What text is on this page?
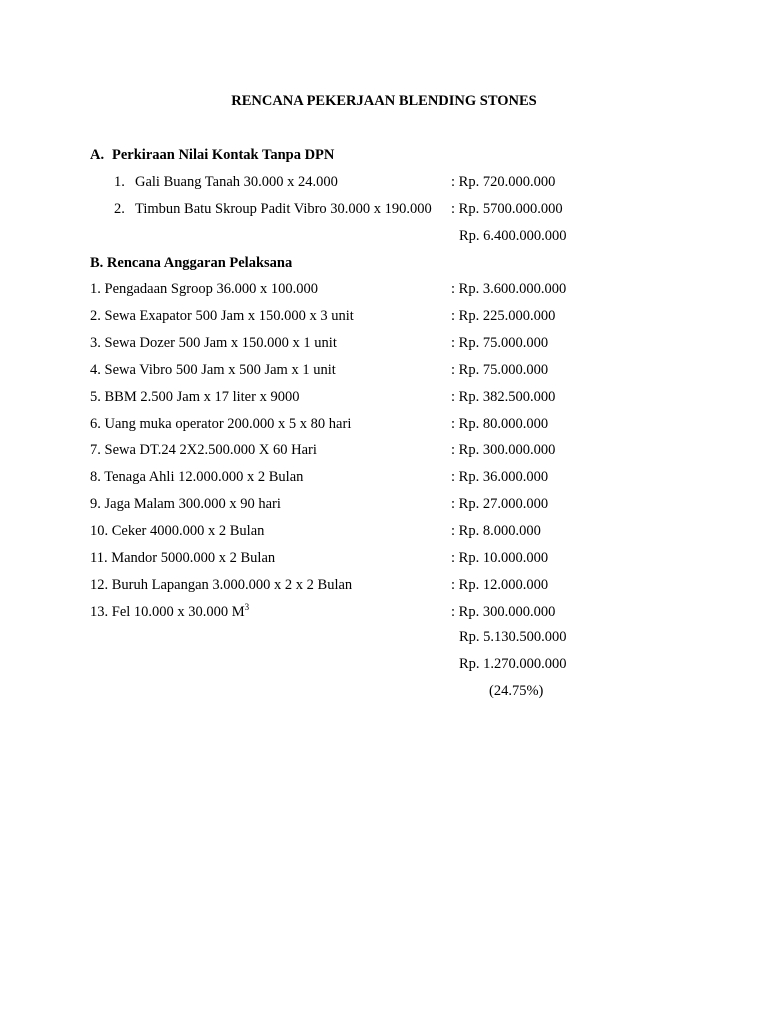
RENCANA PEKERJAAN BLENDING STONES
A. Perkiraan Nilai Kontak Tanpa DPN
1. Gali Buang Tanah 30.000 x 24.000	: Rp. 720.000.000
2. Timbun Batu Skroup Padit Vibro 30.000 x 190.000 : Rp. 5700.000.000
Rp. 6.400.000.000
B. Rencana Anggaran Pelaksana
1. Pengadaan Sgroop 36.000 x 100.000	: Rp. 3.600.000.000
2. Sewa Exapator 500 Jam x 150.000 x 3 unit	: Rp. 225.000.000
3. Sewa Dozer 500 Jam x 150.000 x 1 unit	: Rp. 75.000.000
4. Sewa Vibro 500 Jam x 500 Jam x 1 unit	: Rp. 75.000.000
5. BBM 2.500 Jam x 17 liter x 9000	: Rp. 382.500.000
6. Uang muka operator 200.000 x 5 x 80 hari	: Rp. 80.000.000
7. Sewa DT.24 2X2.500.000 X 60 Hari	: Rp. 300.000.000
8. Tenaga Ahli 12.000.000 x 2 Bulan	: Rp. 36.000.000
9. Jaga Malam 300.000 x 90 hari	: Rp. 27.000.000
10. Ceker 4000.000 x 2 Bulan	: Rp. 8.000.000
11. Mandor 5000.000 x 2 Bulan	: Rp. 10.000.000
12. Buruh Lapangan 3.000.000 x 2 x 2 Bulan	: Rp. 12.000.000
13. Fel 10.000 x 30.000 $M^3$	: Rp. 300.000.000
Rp. 5.130.500.000
Rp. 1.270.000.000
(24.75%)
